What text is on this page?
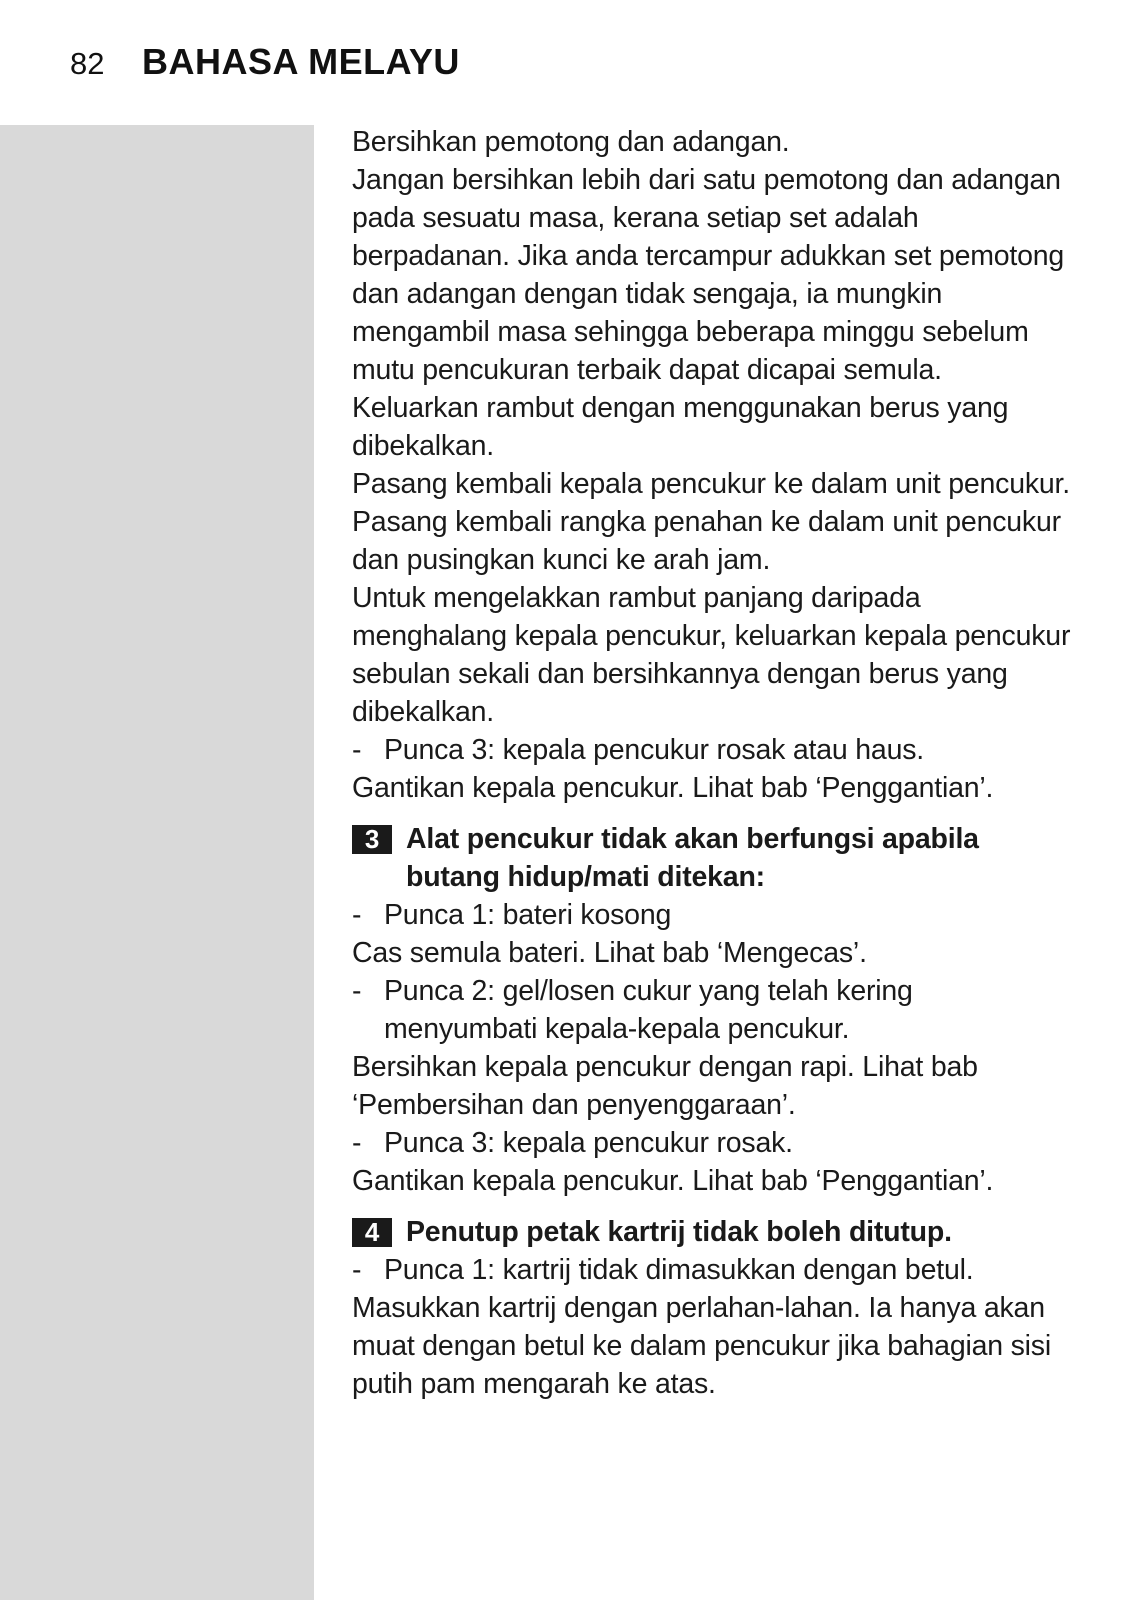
82 BAHASA MELAYU

Bersihkan pemotong dan adangan.

Jangan bersihkan lebih dari satu pemotong dan adangan pada sesuatu masa, kerana setiap set adalah berpadanan. Jika anda tercampur adukkan set pemotong dan adangan dengan tidak sengaja, ia mungkin mengambil masa sehingga beberapa minggu sebelum mutu pencukuran terbaik dapat dicapai semula.

Keluarkan rambut dengan menggunakan berus yang dibekalkan.

Pasang kembali kepala pencukur ke dalam unit pencukur. Pasang kembali rangka penahan ke dalam unit pencukur dan pusingkan kunci ke arah jam.

Untuk mengelakkan rambut panjang daripada menghalang kepala pencukur, keluarkan kepala pencukur sebulan sekali dan bersihkannya dengan berus yang dibekalkan.

- Punca 3: kepala pencukur rosak atau haus.

Gantikan kepala pencukur. Lihat bab ‘Penggantian’.

3 Alat pencukur tidak akan berfungsi apabila butang hidup/mati ditekan:

- Punca 1: bateri kosong

Cas semula bateri. Lihat bab ‘Mengecas’.

- Punca 2: gel/losen cukur yang telah kering menyumbati kepala-kepala pencukur.

Bersihkan kepala pencukur dengan rapi. Lihat bab ‘Pembersihan dan penyenggaraan’.

- Punca 3: kepala pencukur rosak.

Gantikan kepala pencukur. Lihat bab ‘Penggantian’.

4 Penutup petak kartrij tidak boleh ditutup.

- Punca 1: kartrij tidak dimasukkan dengan betul.

Masukkan kartrij dengan perlahan-lahan. Ia hanya akan muat dengan betul ke dalam pencukur jika bahagian sisi putih pam mengarah ke atas.
